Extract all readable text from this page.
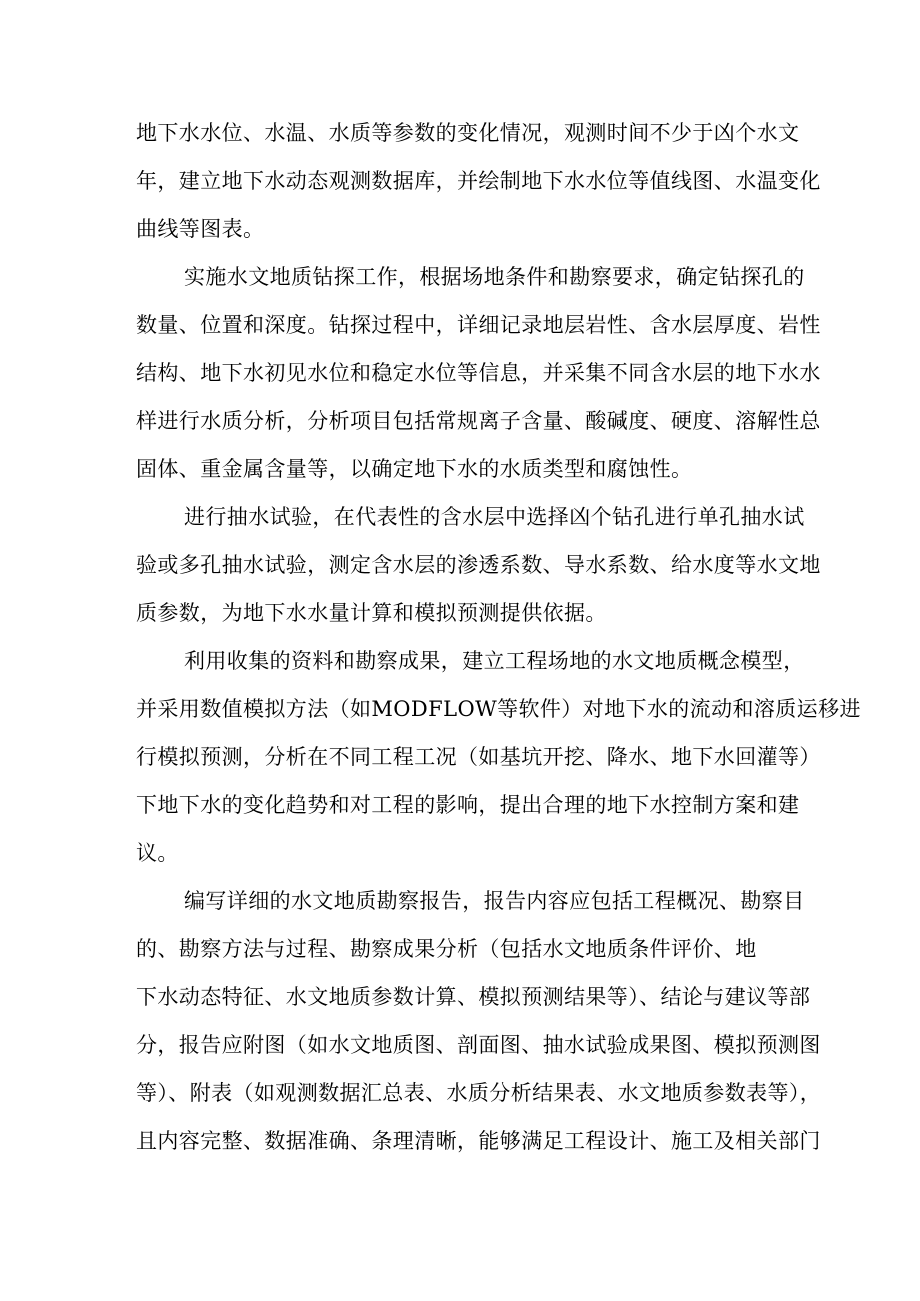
地下水水位、水温、水质等参数的变化情况，观测时间不少于凶个水文
年，建立地下水动态观测数据库，并绘制地下水水位等值线图、水温变化
曲线等图表。
实施水文地质钻探工作，根据场地条件和勘察要求，确定钻探孔的
数量、位置和深度。钻探过程中，详细记录地层岩性、含水层厚度、岩性
结构、地下水初见水位和稳定水位等信息，并采集不同含水层的地下水水
样进行水质分析，分析项目包括常规离子含量、酸碱度、硬度、溶解性总
固体、重金属含量等，以确定地下水的水质类型和腐蚀性。
进行抽水试验，在代表性的含水层中选择凶个钻孔进行单孔抽水试
验或多孔抽水试验，测定含水层的渗透系数、导水系数、给水度等水文地
质参数，为地下水水量计算和模拟预测提供依据。
利用收集的资料和勘察成果，建立工程场地的水文地质概念模型，
并采用数值模拟方法（如MODFLOW等软件）对地下水的流动和溶质运移进
行模拟预测，分析在不同工程工况（如基坑开挖、降水、地下水回灌等）
下地下水的变化趋势和对工程的影响，提出合理的地下水控制方案和建
议。
编写详细的水文地质勘察报告，报告内容应包括工程概况、勘察目
的、勘察方法与过程、勘察成果分析（包括水文地质条件评价、地
下水动态特征、水文地质参数计算、模拟预测结果等）、结论与建议等部
分，报告应附图（如水文地质图、剖面图、抽水试验成果图、模拟预测图
等）、附表（如观测数据汇总表、水质分析结果表、水文地质参数表等），
且内容完整、数据准确、条理清晰，能够满足工程设计、施工及相关部门
